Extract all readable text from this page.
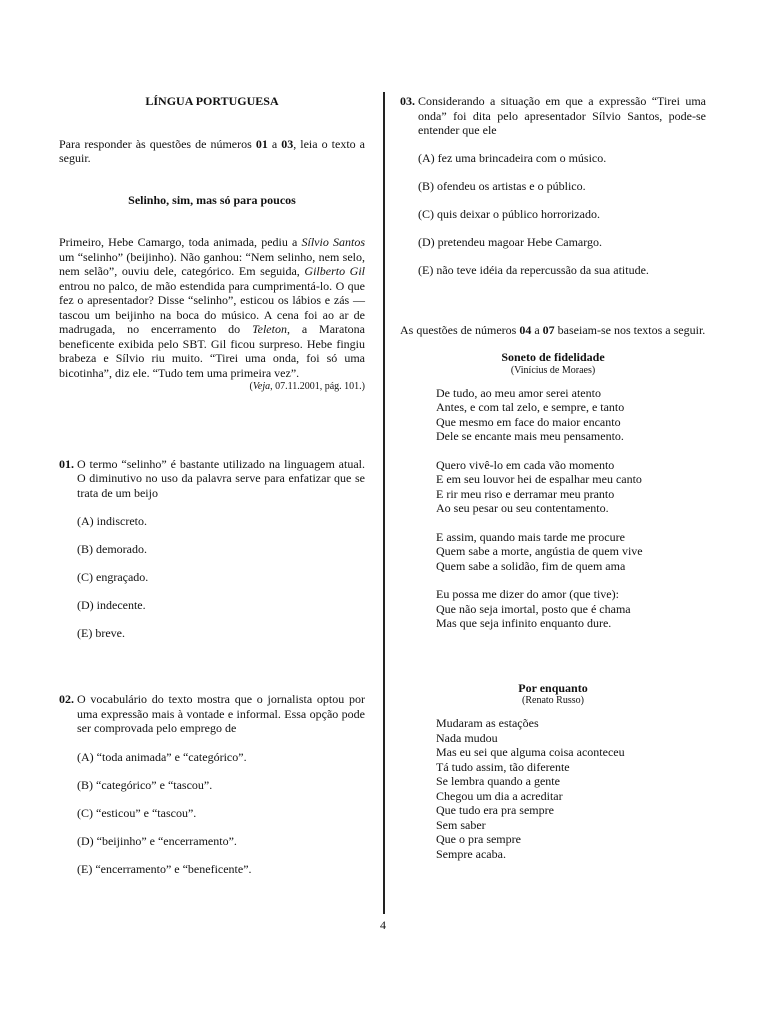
LÍNGUA PORTUGUESA

Para responder às questões de números 01 a 03, leia o texto a seguir.

Selinho, sim, mas só para poucos

Primeiro, Hebe Camargo, toda animada, pediu a Sílvio Santos um “selinho” (beijinho). Não ganhou: “Nem selinho, nem selo, nem selão”, ouviu dele, categórico. Em seguida, Gilberto Gil entrou no palco, de mão estendida para cumprimentá-lo. O que fez o apresentador? Disse “selinho”, esticou os lábios e zás — tascou um beijinho na boca do músico. A cena foi ao ar de madrugada, no encerramento do Teleton, a Maratona beneficente exibida pelo SBT. Gil ficou surpreso. Hebe fingiu brabeza e Sílvio riu muito. “Tirei uma onda, foi só uma bicotinha”, diz ele. “Tudo tem uma primeira vez”.

(Veja, 07.11.2001, pág. 101.)

01. O termo “selinho” é bastante utilizado na linguagem atual. O diminutivo no uso da palavra serve para enfatizar que se trata de um beijo

(A) indiscreto.
(B) demorado.
(C) engraçado.
(D) indecente.
(E) breve.
02. O vocabulário do texto mostra que o jornalista optou por uma expressão mais à vontade e informal. Essa opção pode ser comprovada pelo emprego de

(A) “toda animada” e “categórico”.
(B) “categórico” e “tascou”.
(C) “esticou” e “tascou”.
(D) “beijinho” e “encerramento”.
(E) “encerramento” e “beneficente”.
03. Considerando a situação em que a expressão “Tirei uma onda” foi dita pelo apresentador Sílvio Santos, pode-se entender que ele

(A) fez uma brincadeira com o músico.
(B) ofendeu os artistas e o público.
(C) quis deixar o público horrorizado.
(D) pretendeu magoar Hebe Camargo.
(E) não teve idéia da repercussão da sua atitude.

As questões de números 04 a 07 baseiam-se nos textos a seguir.

Soneto de fidelidade

(Vinícius de Moraes)

De tudo, ao meu amor serei atento
Antes, e com tal zelo, e sempre, e tanto
Que mesmo em face do maior encanto
Dele se encante mais meu pensamento.
Quero vivê-lo em cada vão momento
E em seu louvor hei de espalhar meu canto
E rir meu riso e derramar meu pranto
Ao seu pesar ou seu contentamento.
E assim, quando mais tarde me procure
Quem sabe a morte, angústia de quem vive
Quem sabe a solidão, fim de quem ama
Eu possa me dizer do amor (que tive):
Que não seja imortal, posto que é chama
Mas que seja infinito enquanto dure.

Por enquanto

(Renato Russo)

Mudaram as estações
Nada mudou
Mas eu sei que alguma coisa aconteceu
Tá tudo assim, tão diferente
Se lembra quando a gente
Chegou um dia a acreditar
Que tudo era pra sempre
Sem saber
Que o pra sempre
Sempre acaba.
4
